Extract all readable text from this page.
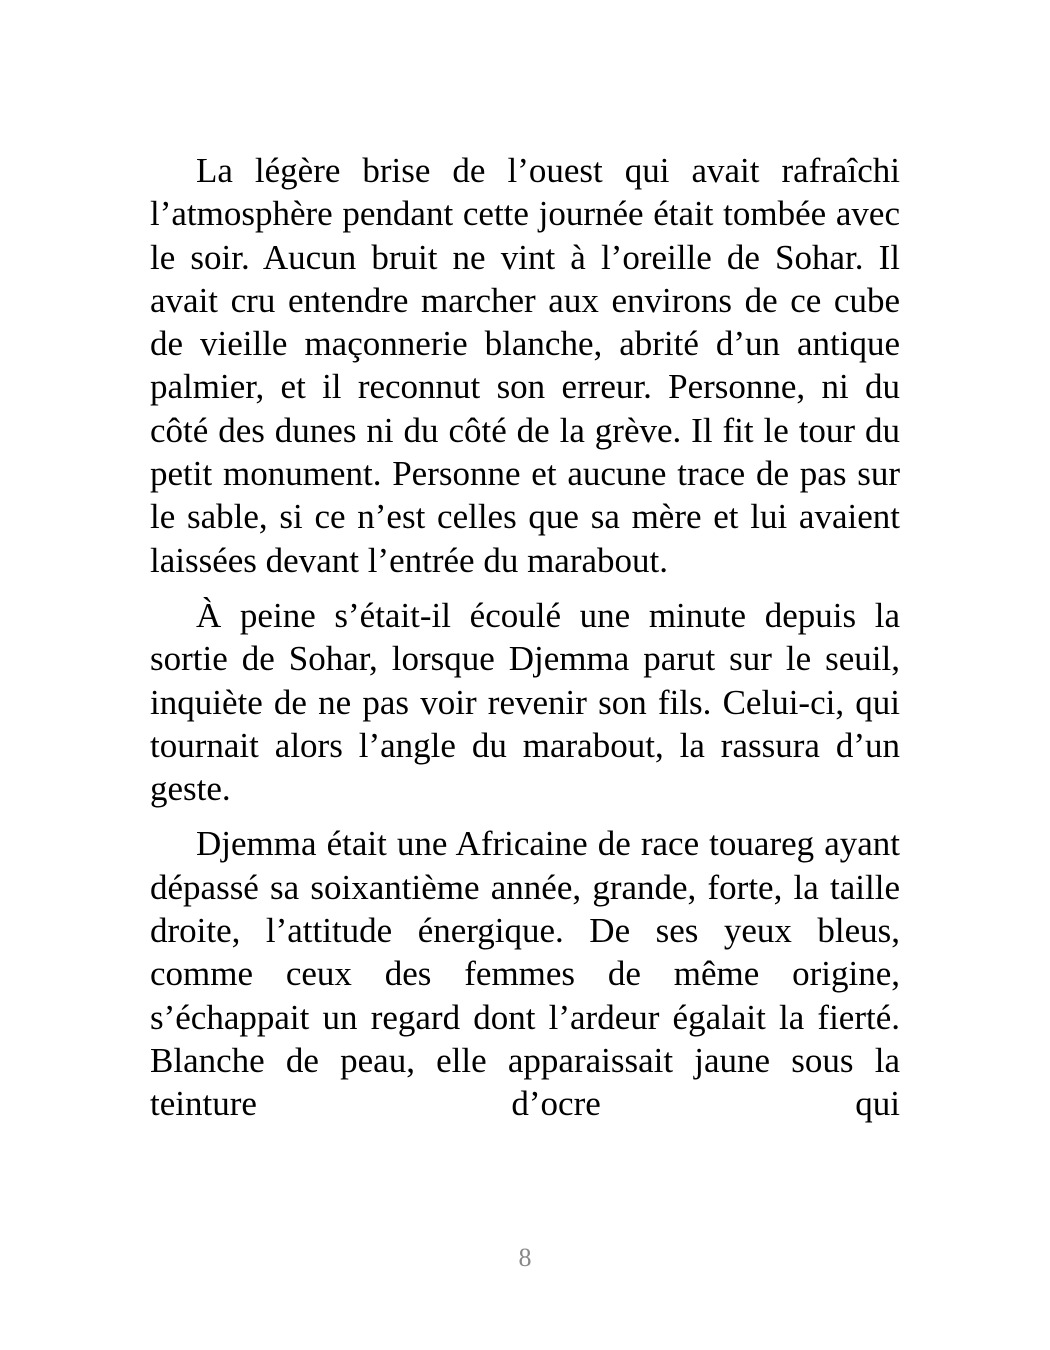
La légère brise de l’ouest qui avait rafraîchi l’atmosphère pendant cette journée était tombée avec le soir. Aucun bruit ne vint à l’oreille de Sohar. Il avait cru entendre marcher aux environs de ce cube de vieille maçonnerie blanche, abrité d’un antique palmier, et il reconnut son erreur. Personne, ni du côté des dunes ni du côté de la grève. Il fit le tour du petit monument. Personne et aucune trace de pas sur le sable, si ce n’est celles que sa mère et lui avaient laissées devant l’entrée du marabout.

À peine s’était-il écoulé une minute depuis la sortie de Sohar, lorsque Djemma parut sur le seuil, inquiète de ne pas voir revenir son fils. Celui-ci, qui tournait alors l’angle du marabout, la rassura d’un geste.

Djemma était une Africaine de race touareg ayant dépassé sa soixantième année, grande, forte, la taille droite, l’attitude énergique. De ses yeux bleus, comme ceux des femmes de même origine, s’échappait un regard dont l’ardeur égalait la fierté. Blanche de peau, elle apparaissait jaune sous la teinture d’ocre qui

8
